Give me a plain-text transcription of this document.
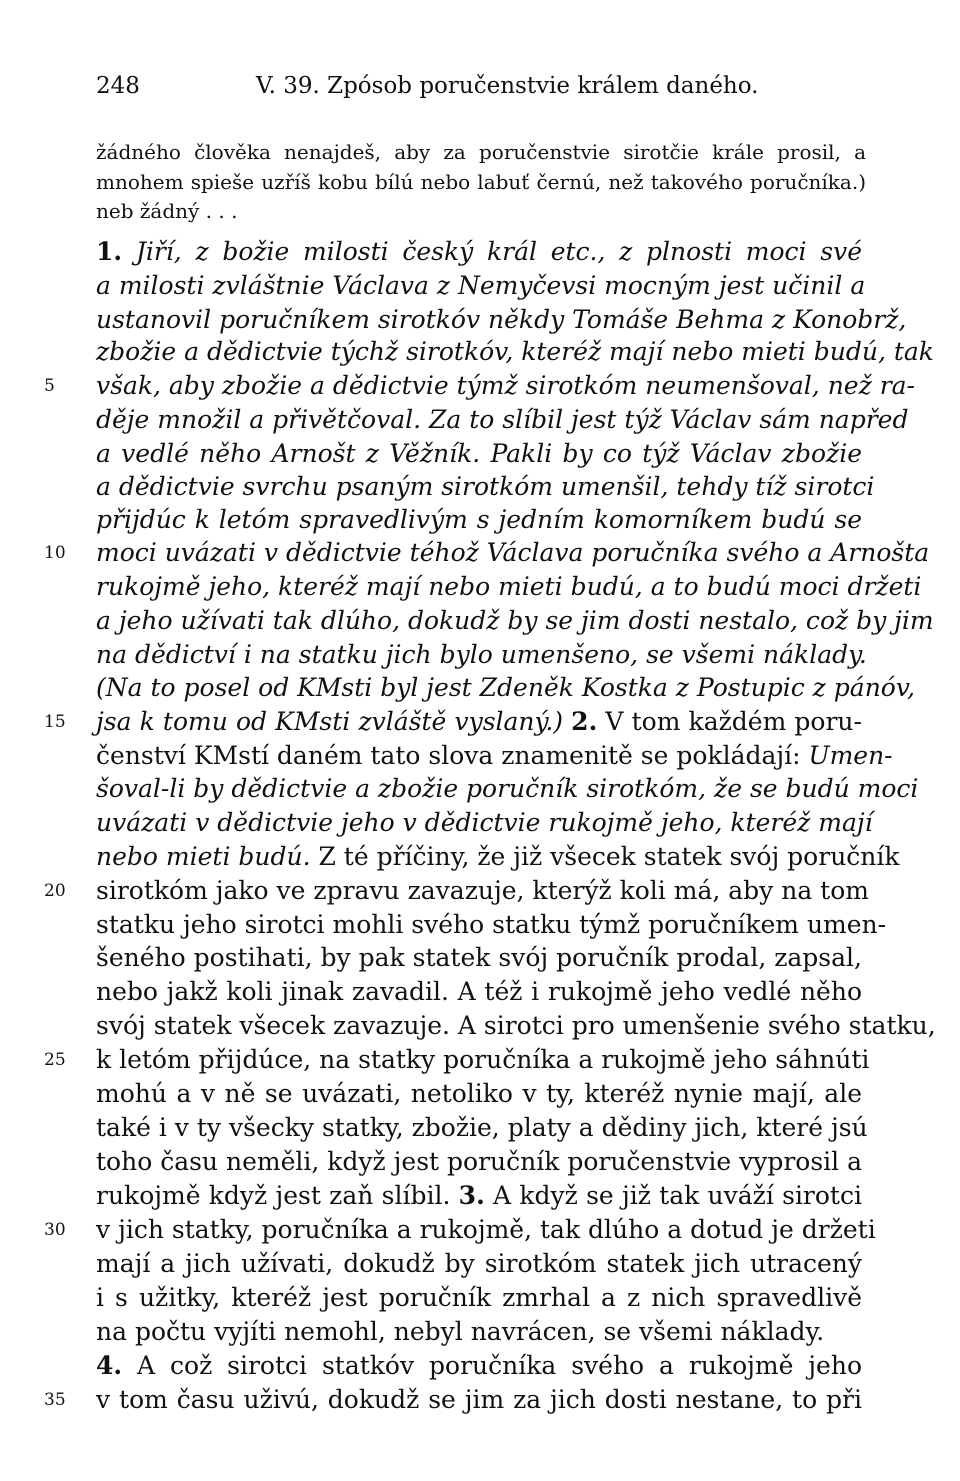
248	V. 39. Zpósob poručenstvie králem daného.
žádného člověka nenajdeš, aby za poručenstvie sirotčie krále prosil, a
mnohem spieše uzříš kobu bílú nebo labuť černú, než takového poručníka.)
neb žádný . . .
1. Jiří, z božie milosti český král etc., z plnosti moci své
a milosti zvláštnie Václava z Nemyčevsi mocným jest učinil a
ustanovil poručníkem sirotkóv někdy Tomáše Behma z Konobrž,
zbožie a dědictvie týchž sirotkóv, kteréž mají nebo mieti budú, tak
však, aby zbožie a dědictvie týmž sirotkóm neumenšoval, než ra-
5
děje množil a přivětčoval. Za to slíbil jest týž Václav sám napřed
a vedlé něho Arnošt z Věžník. Pakli by co týž Václav zbožie
a dědictvie svrchu psaným sirotkóm umenšil, tehdy tíž sirotci
přijdúc k letóm spravedlivým s jedním komorníkem budú se
moci uvázati v dědictvie téhož Václava poručníka svého a Arnošta
10
rukojmě jeho, kteréž mají nebo mieti budú, a to budú moci držeti
a jeho užívati tak dlúho, dokudž by se jim dosti nestalo, což by jim
na dědictví i na statku jich bylo umenšeno, se všemi náklady.
(Na to posel od KMsti byl jest Zdeněk Kostka z Postupic z pánóv,
jsa k tomu od KMsti zvláště vyslaný.) 2. V tom každém poru-
15
čenství KMstí daném tato slova znamenitě se pokládají: Umen-
šoval-li by dědictvie a zbožie poručník sirotkóm, že se budú moci
uvázati v dědictvie jeho v dědictvie rukojmě jeho, kteréž mají
nebo mieti budú. Z té příčiny, že již všecek statek svój poručník
sirotkóm jako ve zpravu zavazuje, kterýž koli má, aby na tom
20
statku jeho sirotci mohli svého statku týmž poručníkem umen-
šeného postihati, by pak statek svój poručník prodal, zapsal,
nebo jakž koli jinak zavadil. A též i rukojmě jeho vedlé něho
svój statek všecek zavazuje. A sirotci pro umenšenie svého statku,
k letóm přijdúce, na statky poručníka a rukojmě jeho sáhnúti
25
mohú a v ně se uvázati, netoliko v ty, kteréž nynie mají, ale
také i v ty všecky statky, zbožie, platy a dědiny jich, které jsú
toho času neměli, když jest poručník poručenstvie vyprosil a
rukojmě když jest zaň slíbil. 3. A když se již tak uváží sirotci
v jich statky, poručníka a rukojmě, tak dlúho a dotud je držeti
30
mají a jich užívati, dokudž by sirotkóm statek jich utracený
i s užitky, kteréž jest poručník zmrhal a z nich spravedlivě
na počtu vyjíti nemohl, nebyl navrácen, se všemi náklady.
4. A což sirotci statkóv poručníka svého a rukojmě jeho
v tom času uživú, dokudž se jim za jich dosti nestane, to při
35
